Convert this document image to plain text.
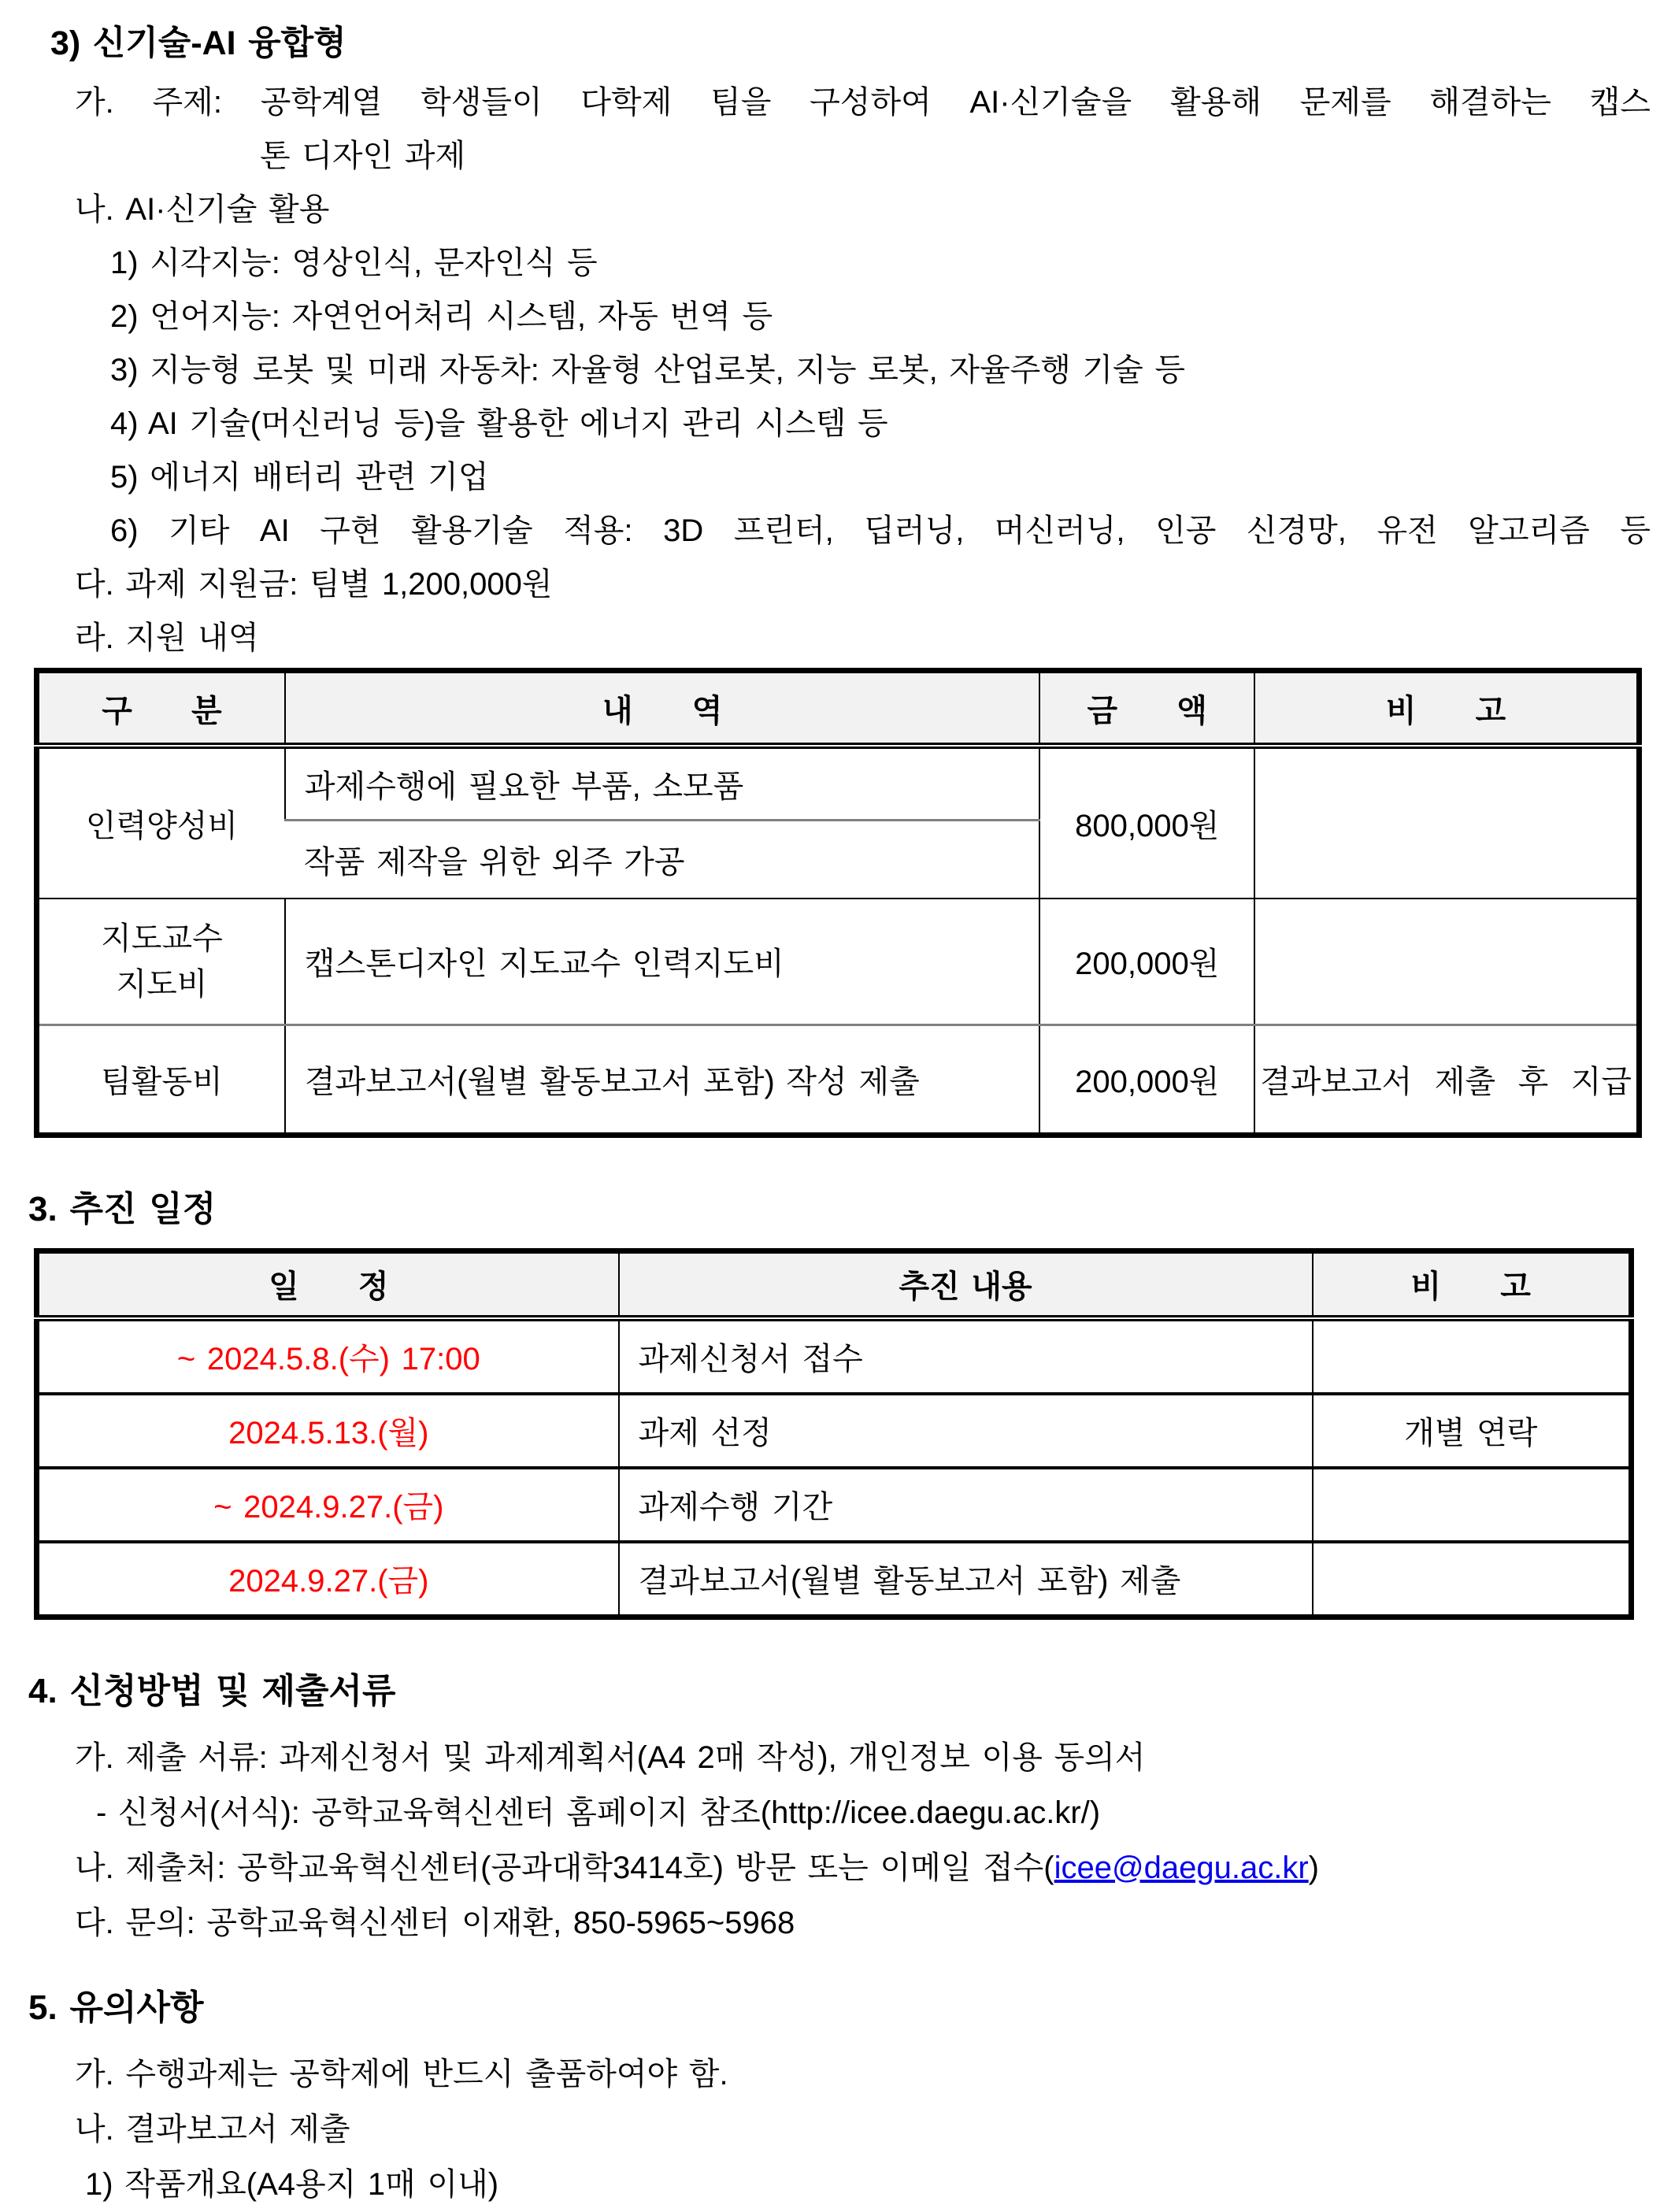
3) 신기술-AI 융합형
가. 주제: 공학계열 학생들이 다학제 팀을 구성하여 AI·신기술을 활용해 문제를 해결하는 캡스
톤 디자인 과제
나. AI·신기술 활용
1) 시각지능: 영상인식, 문자인식 등
2) 언어지능: 자연언어처리 시스템, 자동 번역 등
3) 지능형 로봇 및 미래 자동차: 자율형 산업로봇, 지능 로봇, 자율주행 기술 등
4) AI 기술(머신러닝 등)을 활용한 에너지 관리 시스템 등
5) 에너지 배터리 관련 기업
6) 기타 AI 구현 활용기술 적용: 3D 프린터, 딥러닝, 머신러닝, 인공 신경망, 유전 알고리즘 등
다. 과제 지원금: 팀별 1,200,000원
라. 지원 내역
구 분	내 역	금 액	비 고
인력양성비	과제수행에 필요한 부품, 소모품	800,000원	
	작품 제작을 위한 외주 가공		

지도교수
지도비	캡스톤디자인 지도교수 인력지도비	200,000원	
팀활동비	결과보고서(월별 활동보고서 포함) 작성 제출	200,000원	결과보고서 제출 후 지급
3. 추진 일정
일 정	추진 내용	비 고
~ 2024.5.8.(수) 17:00	과제신청서 접수	
2024.5.13.(월)	과제 선정	개별 연락
~ 2024.9.27.(금)	과제수행 기간	
2024.9.27.(금)	결과보고서(월별 활동보고서 포함) 제출	
4. 신청방법 및 제출서류
가. 제출 서류: 과제신청서 및 과제계획서(A4 2매 작성), 개인정보 이용 동의서
- 신청서(서식): 공학교육혁신센터 홈페이지 참조(http://icee.daegu.ac.kr/)
나. 제출처: 공학교육혁신센터(공과대학3414호) 방문 또는 이메일 접수(icee@daegu.ac.kr)
다. 문의: 공학교육혁신센터 이재환, 850-5965~5968
5. 유의사항
가. 수행과제는 공학제에 반드시 출품하여야 함.
나. 결과보고서 제출
1) 작품개요(A4용지 1매 이내)
